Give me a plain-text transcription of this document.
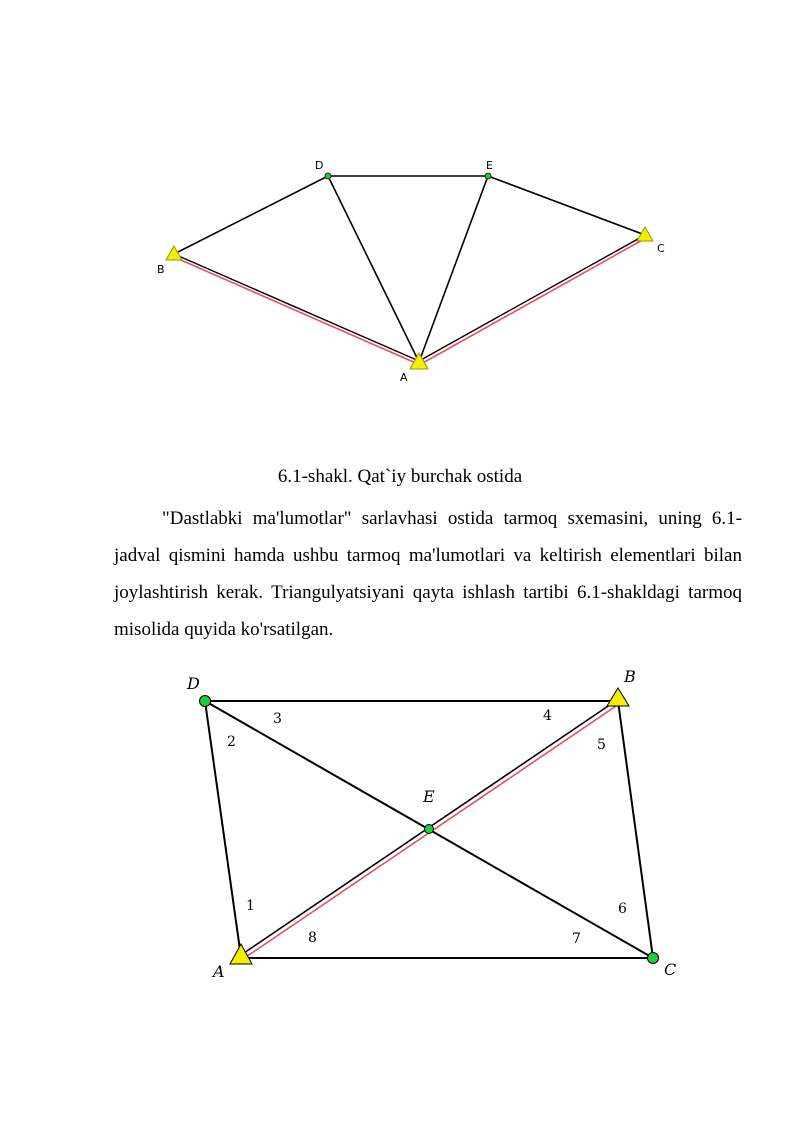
D	E
B
C
A
D	B
E
A	C
1
2
3	4
5
6
7
8
6.1-shakl. Qat`iy burchak ostida

"Dastlabki ma'lumotlar" sarlavhasi ostida tarmoq sxemasini, uning 6.1-jadval qismini hamda ushbu tarmoq ma'lumotlari va keltirish elementlari bilan joylashtirish kerak. Triangulyatsiyani qayta ishlash tartibi 6.1-shakldagi tarmoq misolida quyida ko'rsatilgan.
